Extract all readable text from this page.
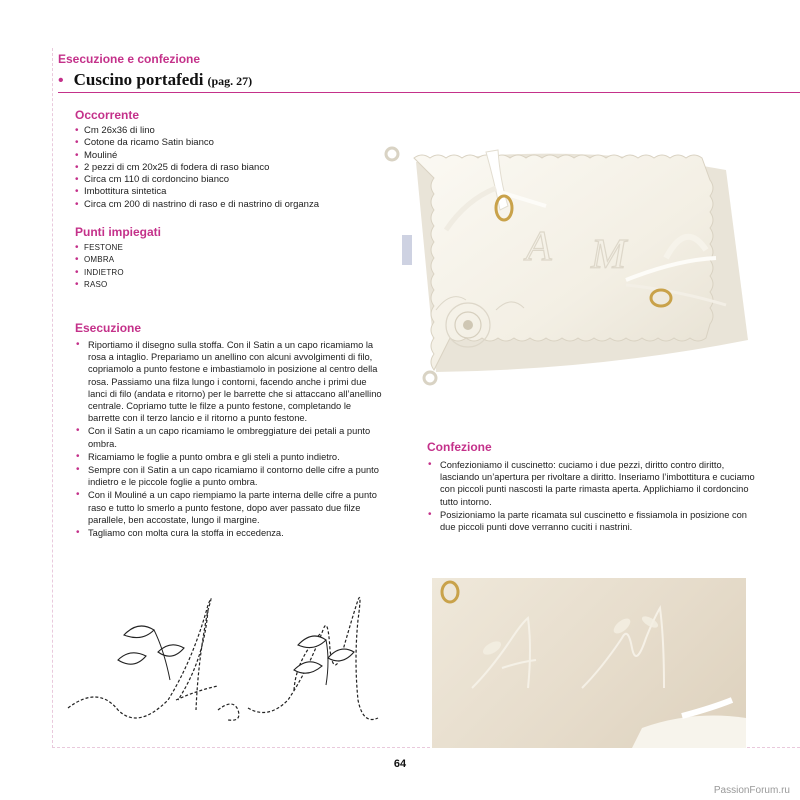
Esecuzione e confezione
• Cuscino portafedi (pag. 27)
Occorrente
• Cm 26x36 di lino
• Cotone da ricamo Satin bianco
• Mouliné
• 2 pezzi di cm 20x25 di fodera di raso bianco
• Circa cm 110 di cordoncino bianco
• Imbottitura sintetica
• Circa cm 200 di nastrino di raso e di nastrino di organza
Punti impiegati
• FESTONE
• OMBRA
• INDIETRO
• RASO
Esecuzione
• Riportiamo il disegno sulla stoffa. Con il Satin a un capo ricamiamo la rosa a intaglio. Prepariamo un anellino con alcuni avvolgimenti di filo, copriamolo a punto festone e imbastiamolo in posizione al centro della rosa. Passiamo una filza lungo i contorni, facendo anche i primi due lanci di filo (andata e ritorno) per le barrette che si attaccano all’anellino centrale. Copriamo tutte le filze a punto festone, completando le barrette con il terzo lancio e il ritorno a punto festone.
• Con il Satin a un capo ricamiamo le ombreggiature dei petali a punto ombra.
• Ricamiamo le foglie a punto ombra e gli steli a punto indietro.
• Sempre con il Satin a un capo ricamiamo il contorno delle cifre a punto indietro e le piccole foglie a punto ombra.
• Con il Mouliné a un capo riempiamo la parte interna delle cifre a punto raso e tutto lo smerlo a punto festone, dopo aver passato due filze parallele, ben accostate, lungo il margine.
• Tagliamo con molta cura la stoffa in eccedenza.
Confezione
• Confezioniamo il cuscinetto: cuciamo i due pezzi, diritto contro diritto, lasciando un’apertura per rivoltare a diritto. Inseriamo l’imbottitura e cuciamo con piccoli punti nascosti la parte rimasta aperta. Applichiamo il cordoncino tutto intorno.
• Posizioniamo la parte ricamata sul cuscinetto e fissiamola in posizione con due piccoli punti dove verranno cuciti i nastrini.
A M
64
PassionForum.ru
